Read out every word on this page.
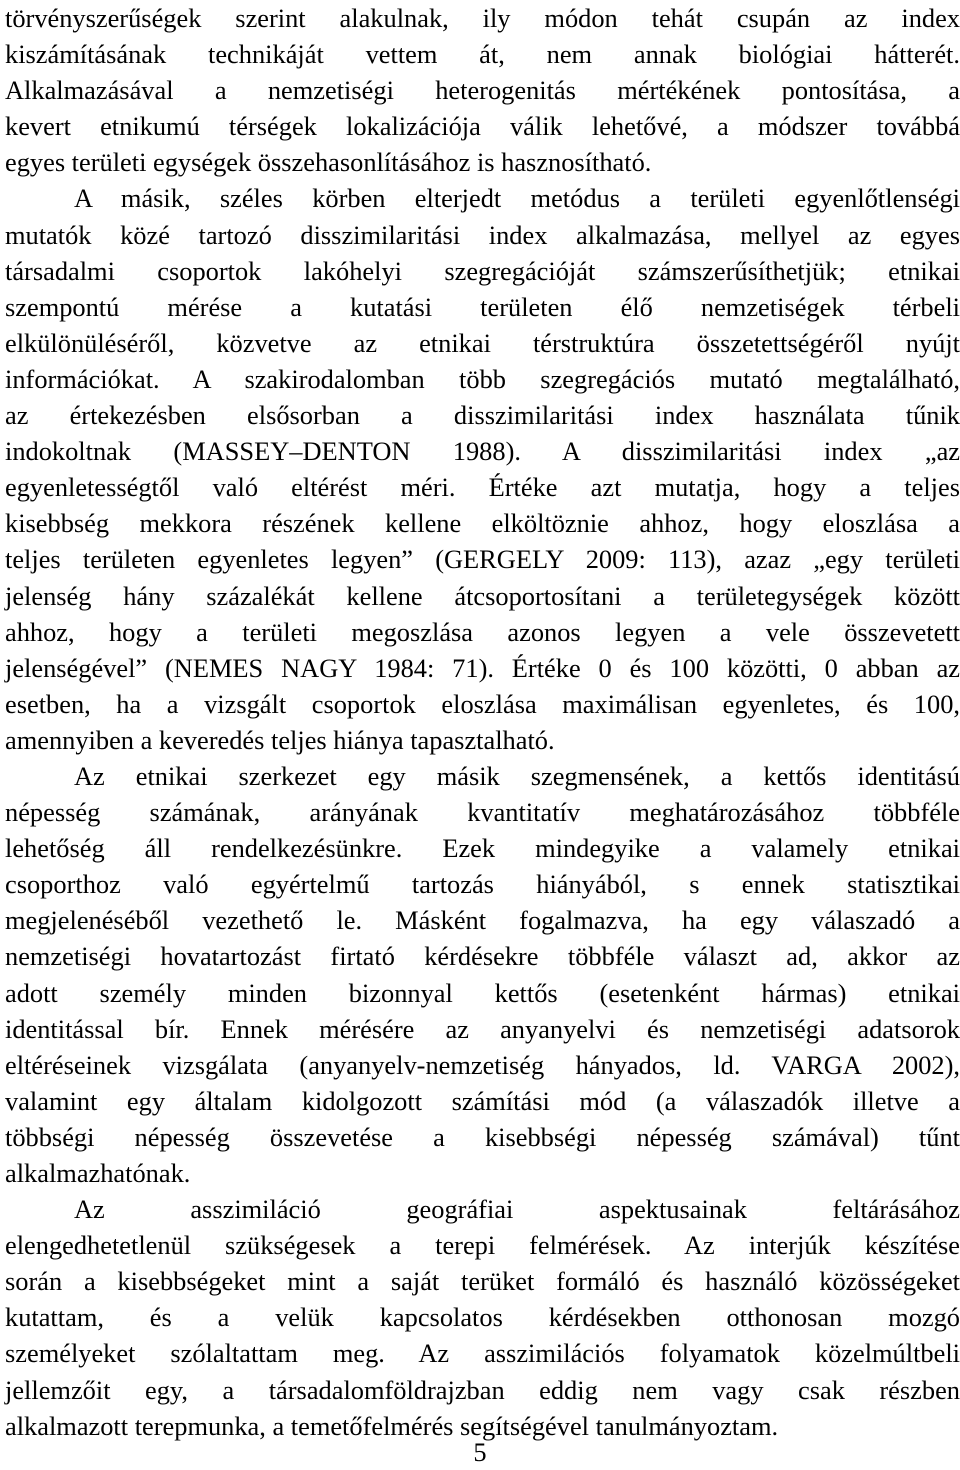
törvényszerűségek szerint alakulnak, ily módon tehát csupán az index
kiszámításának technikáját vettem át, nem annak biológiai hátterét.
Alkalmazásával a nemzetiségi heterogenitás mértékének pontosítása, a
kevert etnikumú térségek lokalizációja válik lehetővé, a módszer továbbá
egyes területi egységek összehasonlításához is hasznosítható.
A másik, széles körben elterjedt metódus a területi egyenlőtlenségi
mutatók közé tartozó disszimilaritási index alkalmazása, mellyel az egyes
társadalmi csoportok lakóhelyi szegregációját számszerűsíthetjük; etnikai
szempontú mérése a kutatási területen élő nemzetiségek térbeli
elkülönüléséről, közvetve az etnikai térstruktúra összetettségéről nyújt
információkat. A szakirodalomban több szegregációs mutató megtalálható,
az értekezésben elsősorban a disszimilaritási index használata tűnik
indokoltnak (MASSEY–DENTON 1988). A disszimilaritási index „az
egyenletességtől való eltérést méri. Értéke azt mutatja, hogy a teljes
kisebbség mekkora részének kellene elköltöznie ahhoz, hogy eloszlása a
teljes területen egyenletes legyen” (GERGELY 2009: 113), azaz „egy területi
jelenség hány százalékát kellene átcsoportosítani a területegységek között
ahhoz, hogy a területi megoszlása azonos legyen a vele összevetett
jelenségével” (NEMES NAGY 1984: 71). Értéke 0 és 100 közötti, 0 abban az
esetben, ha a vizsgált csoportok eloszlása maximálisan egyenletes, és 100,
amennyiben a keveredés teljes hiánya tapasztalható.
Az etnikai szerkezet egy másik szegmensének, a kettős identitású
népesség számának, arányának kvantitatív meghatározásához többféle
lehetőség áll rendelkezésünkre. Ezek mindegyike a valamely etnikai
csoporthoz való egyértelmű tartozás hiányából, s ennek statisztikai
megjelenéséből vezethető le. Másként fogalmazva, ha egy válaszadó a
nemzetiségi hovatartozást firtató kérdésekre többféle választ ad, akkor az
adott személy minden bizonnyal kettős (esetenként hármas) etnikai
identitással bír. Ennek mérésére az anyanyelvi és nemzetiségi adatsorok
eltéréseinek vizsgálata (anyanyelv-nemzetiség hányados, ld. VARGA 2002),
valamint egy általam kidolgozott számítási mód (a válaszadók illetve a
többségi népesség összevetése a kisebbségi népesség számával) tűnt
alkalmazhatónak.
Az asszimiláció geográfiai aspektusainak feltárásához
elengedhetetlenül szükségesek a terepi felmérések. Az interjúk készítése
során a kisebbségeket mint a saját terüket formáló és használó közösségeket
kutattam, és a velük kapcsolatos kérdésekben otthonosan mozgó
személyeket szólaltattam meg. Az asszimilációs folyamatok közelmúltbeli
jellemzőit egy, a társadalomföldrajzban eddig nem vagy csak részben
alkalmazott terepmunka, a temetőfelmérés segítségével tanulmányoztam.
5
